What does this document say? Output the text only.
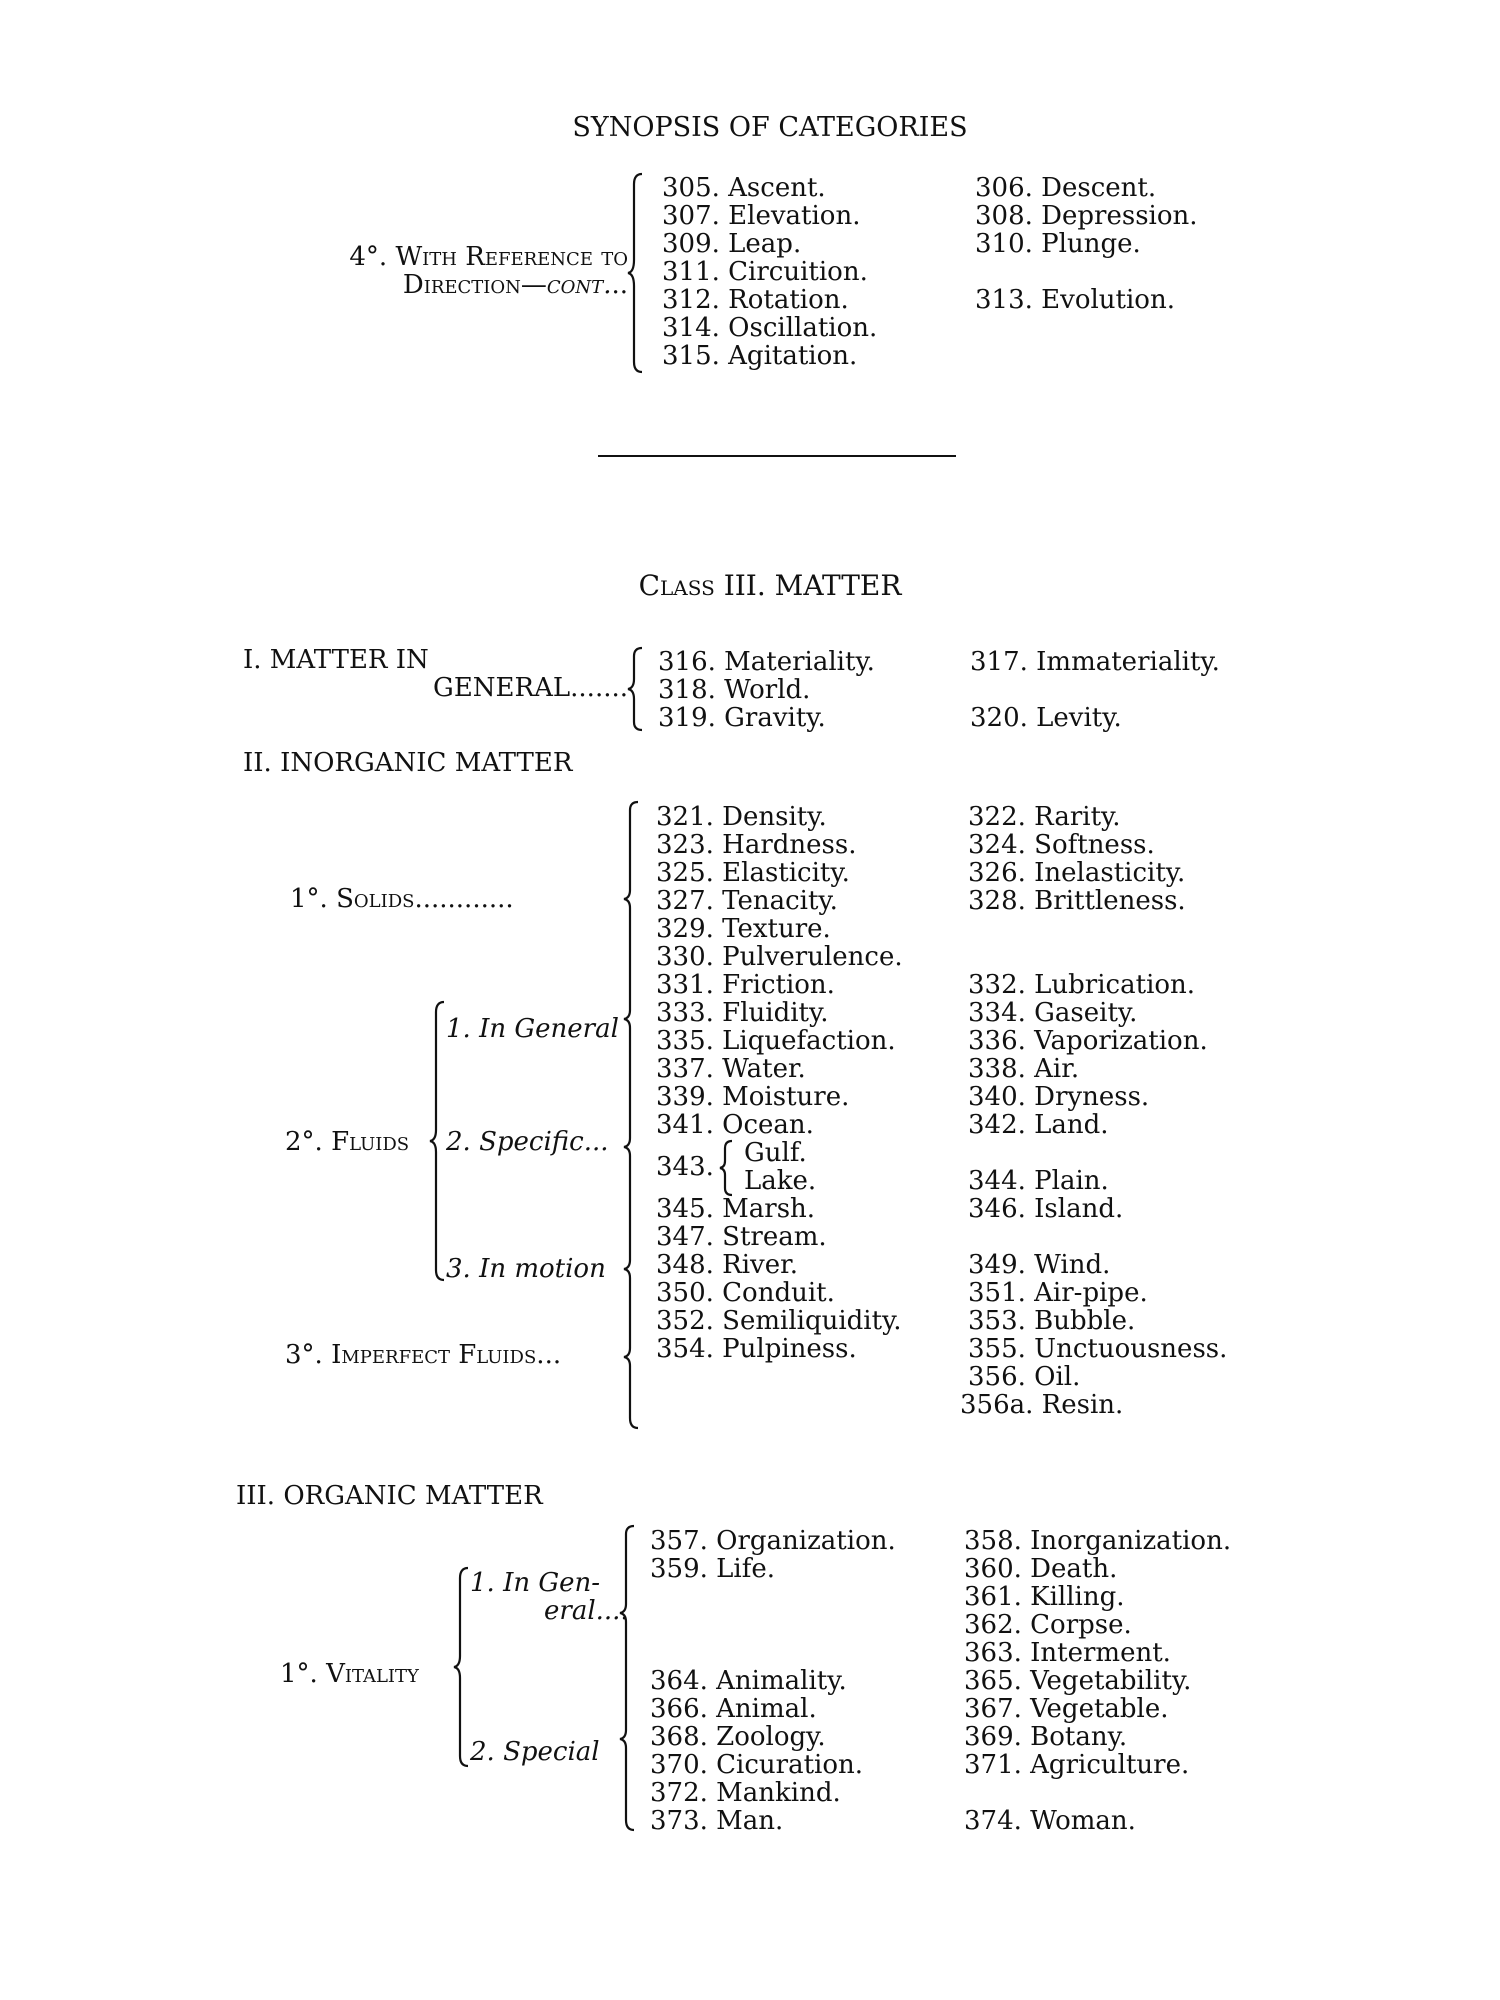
SYNOPSIS OF CATEGORIES
4°. With Reference to
Direction—cont...
305. Ascent.
307. Elevation.
309. Leap.
311. Circuition.
312. Rotation.
314. Oscillation.
315. Agitation.
306. Descent.
308. Depression.
310. Plunge.
313. Evolution.
Class III. MATTER
I. MATTER IN
GENERAL.......
316. Materiality.
318. World.
319. Gravity.
317. Immateriality.
320. Levity.
II. INORGANIC MATTER
1°. Solids............
2°. Fluids
1. In General
2. Specific...
3. In motion
3°. Imperfect Fluids...
321. Density.
323. Hardness.
325. Elasticity.
327. Tenacity.
329. Texture.
330. Pulverulence.
331. Friction.
333. Fluidity.
335. Liquefaction.
337. Water.
339. Moisture.
341. Ocean.
343. Gulf.
Lake.
345. Marsh.
347. Stream.
348. River.
350. Conduit.
352. Semiliquidity.
354. Pulpiness.
322. Rarity.
324. Softness.
326. Inelasticity.
328. Brittleness.
332. Lubrication.
334. Gaseity.
336. Vaporization.
338. Air.
340. Dryness.
342. Land.
344. Plain.
346. Island.
349. Wind.
351. Air-pipe.
353. Bubble.
355. Unctuousness.
356. Oil.
356a. Resin.
III. ORGANIC MATTER
1°. Vitality
1. In Gen-
eral....
2. Special
357. Organization.
359. Life.
364. Animality.
366. Animal.
368. Zoology.
370. Cicuration.
372. Mankind.
373. Man.
358. Inorganization.
360. Death.
361. Killing.
362. Corpse.
363. Interment.
365. Vegetability.
367. Vegetable.
369. Botany.
371. Agriculture.
374. Woman.
